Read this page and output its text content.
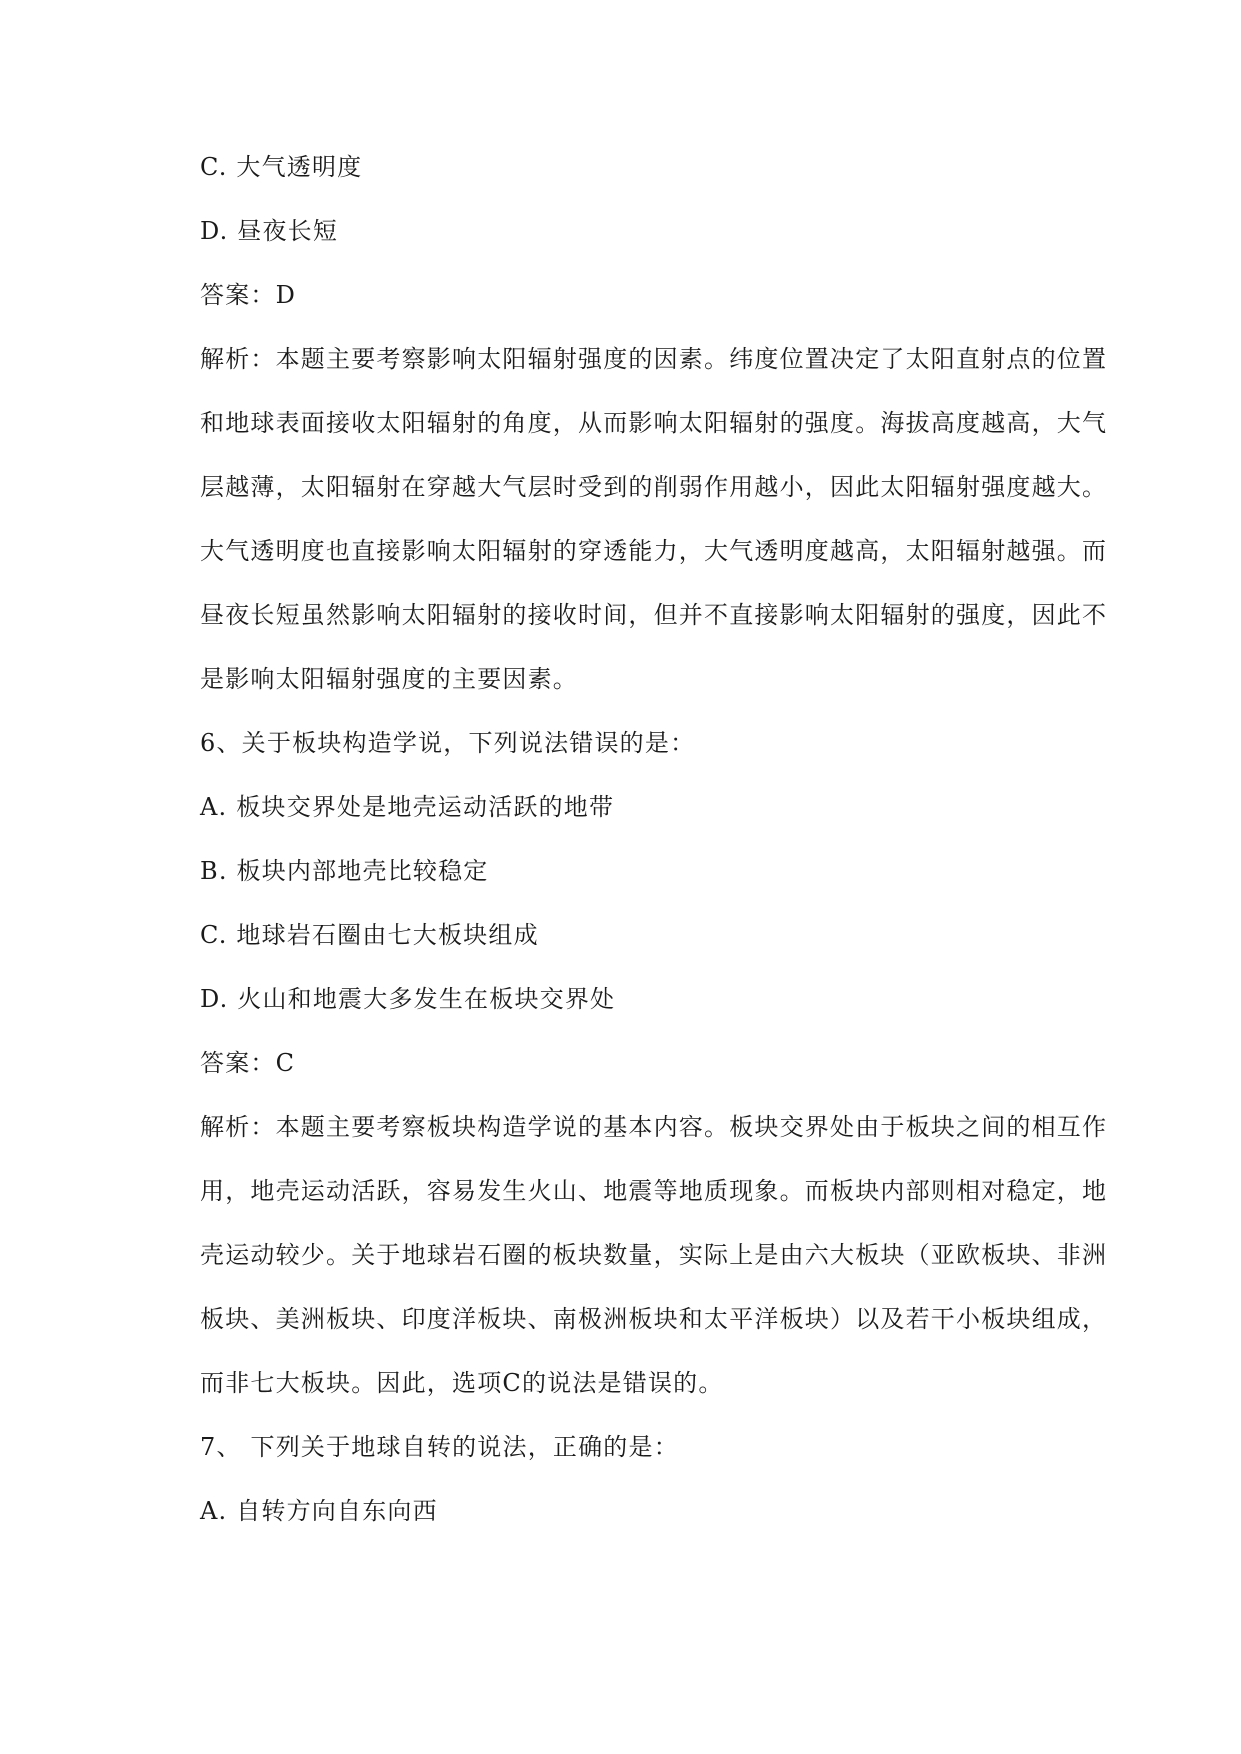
C. 大气透明度
D. 昼夜长短
答案：D
解析：本题主要考察影响太阳辐射强度的因素。纬度位置决定了太阳直射点的位置
和地球表面接收太阳辐射的角度，从而影响太阳辐射的强度。海拔高度越高，大气
层越薄，太阳辐射在穿越大气层时受到的削弱作用越小，因此太阳辐射强度越大。
大气透明度也直接影响太阳辐射的穿透能力，大气透明度越高，太阳辐射越强。而
昼夜长短虽然影响太阳辐射的接收时间，但并不直接影响太阳辐射的强度，因此不
是影响太阳辐射强度的主要因素。
6、关于板块构造学说，下列说法错误的是：
A. 板块交界处是地壳运动活跃的地带
B. 板块内部地壳比较稳定
C. 地球岩石圈由七大板块组成
D. 火山和地震大多发生在板块交界处
答案：C
解析：本题主要考察板块构造学说的基本内容。板块交界处由于板块之间的相互作
用，地壳运动活跃，容易发生火山、地震等地质现象。而板块内部则相对稳定，地
壳运动较少。关于地球岩石圈的板块数量，实际上是由六大板块（亚欧板块、非洲
板块、美洲板块、印度洋板块、南极洲板块和太平洋板块）以及若干小板块组成，
而非七大板块。因此，选项C的说法是错误的。
7、 下列关于地球自转的说法，正确的是：
A. 自转方向自东向西
